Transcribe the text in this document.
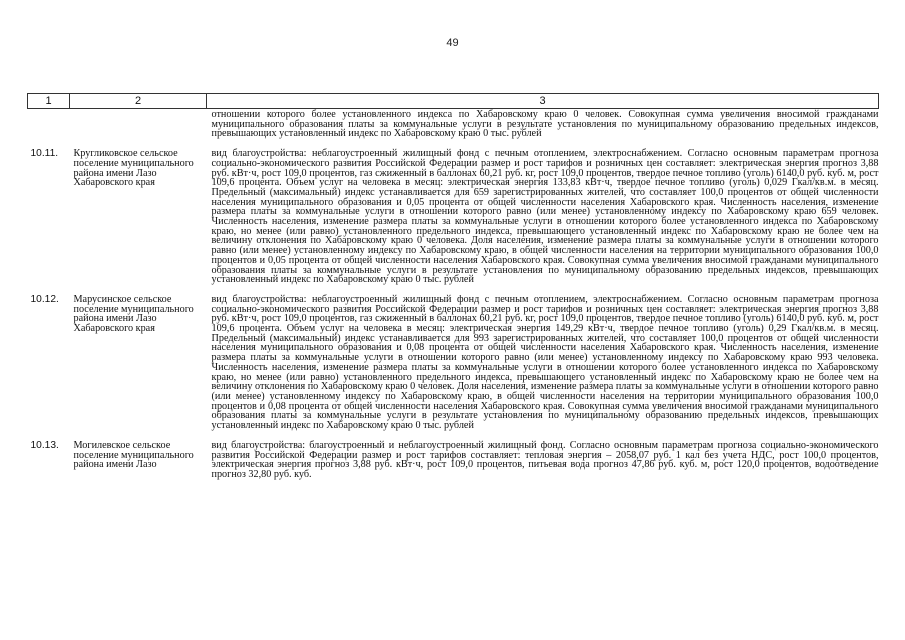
49
1	2	3
		отношении которого более установленного индекса по Хабаровскому краю 0 человек. Совокупная сумма увеличения вносимой гражданами муниципального образования платы за коммунальные услуги в результате установления по муниципальному образованию предельных индексов, превышающих установленный индекс по Хабаровскому краю 0 тыс. рублей

10.11.	Кругликовское сельское поселение муниципального района имени Лазо Хабаровского края	вид благоустройства: неблагоустроенный жилищный фонд с печным отоплением, электроснабжением. Согласно основным параметрам прогноза социально-экономического развития Российской Федерации размер и рост тарифов и розничных цен составляет: электрическая энергия прогноз 3,88 руб. кВт·ч, рост 109,0 процентов, газ сжиженный в баллонах 60,21 руб. кг, рост 109,0 процентов, твердое печное топливо (уголь) 6140,0 руб. куб. м, рост 109,6 процента. Объем услуг на человека в месяц: электрическая энергия 133,83 кВт·ч, твердое печное топливо (уголь) 0,029 Гкал/кв.м. в месяц. Предельный (максимальный) индекс устанавливается для 659 зарегистрированных жителей, что составляет 100,0 процентов от общей численности населения муниципального образования и 0,05 процента от общей численности населения Хабаровского края. Численность населения, изменение размера платы за коммунальные услуги в отношении которого равно (или менее) установленному индексу по Хабаровскому краю 659 человек. Численность населения, изменение размера платы за коммунальные услуги в отношении которого более установленного индекса по Хабаровскому краю, но менее (или равно) установленного предельного индекса, превышающего установленный индекс по Хабаровскому краю не более чем на величину отклонения по Хабаровскому краю 0 человека. Доля населения, изменение размера платы за коммунальные услуги в отношении которого равно (или менее) установленному индексу по Хабаровскому краю, в общей численности населения на территории муниципального образования 100,0 процентов и 0,05 процента от общей численности населения Хабаровского края. Совокупная сумма увеличения вносимой гражданами муниципального образования платы за коммунальные услуги в результате установления по муниципальному образованию предельных индексов, превышающих установленный индекс по Хабаровскому краю 0 тыс. рублей

10.12.	Марусинское сельское поселение муниципального района имени Лазо Хабаровского края	вид благоустройства: неблагоустроенный жилищный фонд с печным отоплением, электроснабжением. Согласно основным параметрам прогноза социально-экономического развития Российской Федерации размер и рост тарифов и розничных цен составляет: электрическая энергия прогноз 3,88 руб. кВт·ч, рост 109,0 процентов, газ сжиженный в баллонах 60,21 руб. кг, рост 109,0 процентов, твердое печное топливо (уголь) 6140,0 руб. куб. м, рост 109,6 процента. Объем услуг на человека в месяц: электрическая энергия 149,29 кВт·ч, твердое печное топливо (уголь) 0,29 Гкал/кв.м. в месяц. Предельный (максимальный) индекс устанавливается для 993 зарегистрированных жителей, что составляет 100,0 процентов от общей численности населения муниципального образования и 0,08 процента от общей численности населения Хабаровского края. Численность населения, изменение размера платы за коммунальные услуги в отношении которого равно (или менее) установленному индексу по Хабаровскому краю 993 человека. Численность населения, изменение размера платы за коммунальные услуги в отношении которого более установленного индекса по Хабаровскому краю, но менее (или равно) установленного предельного индекса, превышающего установленный индекс по Хабаровскому краю не более чем на величину отклонения по Хабаровскому краю 0 человек. Доля населения, изменение размера платы за коммунальные услуги в отношении которого равно (или менее) установленному индексу по Хабаровскому краю, в общей численности населения на территории муниципального образования 100,0 процентов и 0,08 процента от общей численности населения Хабаровского края. Совокупная сумма увеличения вносимой гражданами муниципального образования платы за коммунальные услуги в результате установления по муниципальному образованию предельных индексов, превышающих установленный индекс по Хабаровскому краю 0 тыс. рублей

10.13.	Могилевское сельское поселение муниципального района имени Лазо	вид благоустройства: благоустроенный и неблагоустроенный жилищный фонд. Согласно основным параметрам прогноза социально-экономического развития Российской Федерации размер и рост тарифов составляет: тепловая энергия – 2058,07 руб. 1 кал без учета НДС, рост 100,0 процентов, электрическая энергия прогноз 3,88 руб. кВт·ч, рост 109,0 процентов, питьевая вода прогноз 47,86 руб. куб. м, рост 120,0 процентов, водоотведение прогноз 32,80 руб. куб.
